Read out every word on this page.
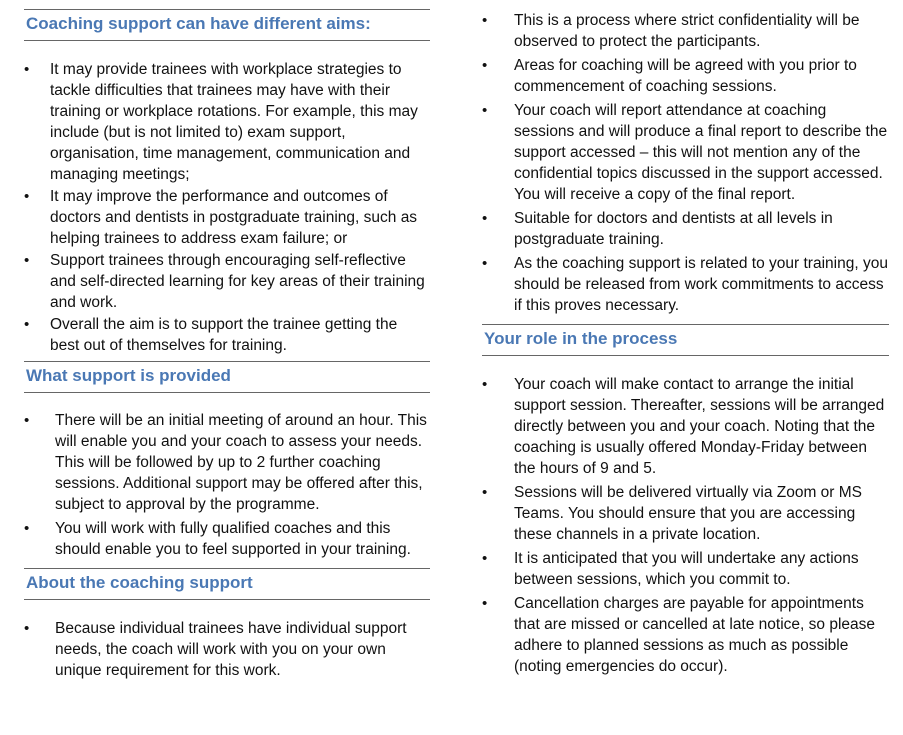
Coaching support can have different aims:
• It may provide trainees with workplace strategies to tackle difficulties that trainees may have with their training or workplace rotations. For example, this may include (but is not limited to) exam support, organisation, time management, communication and managing meetings;
• It may improve the performance and outcomes of doctors and dentists in postgraduate training, such as helping trainees to address exam failure; or
• Support trainees through encouraging self-reflective and self-directed learning for key areas of their training and work.
• Overall the aim is to support the trainee getting the best out of themselves for training.
What support is provided
• There will be an initial meeting of around an hour. This will enable you and your coach to assess your needs. This will be followed by up to 2 further coaching sessions. Additional support may be offered after this, subject to approval by the programme.
• You will work with fully qualified coaches and this should enable you to feel supported in your training.
About the coaching support
• Because individual trainees have individual support needs, the coach will work with you on your own unique requirement for this work.
• This is a process where strict confidentiality will be observed to protect the participants.
• Areas for coaching will be agreed with you prior to commencement of coaching sessions.
• Your coach will report attendance at coaching sessions and will produce a final report to describe the support accessed – this will not mention any of the confidential topics discussed in the support accessed. You will receive a copy of the final report.
• Suitable for doctors and dentists at all levels in postgraduate training.
• As the coaching support is related to your training, you should be released from work commitments to access if this proves necessary.
Your role in the process
• Your coach will make contact to arrange the initial support session. Thereafter, sessions will be arranged directly between you and your coach. Noting that the coaching is usually offered Monday-Friday between the hours of 9 and 5.
• Sessions will be delivered virtually via Zoom or MS Teams. You should ensure that you are accessing these channels in a private location.
• It is anticipated that you will undertake any actions between sessions, which you commit to.
• Cancellation charges are payable for appointments that are missed or cancelled at late notice, so please adhere to planned sessions as much as possible (noting emergencies do occur).
